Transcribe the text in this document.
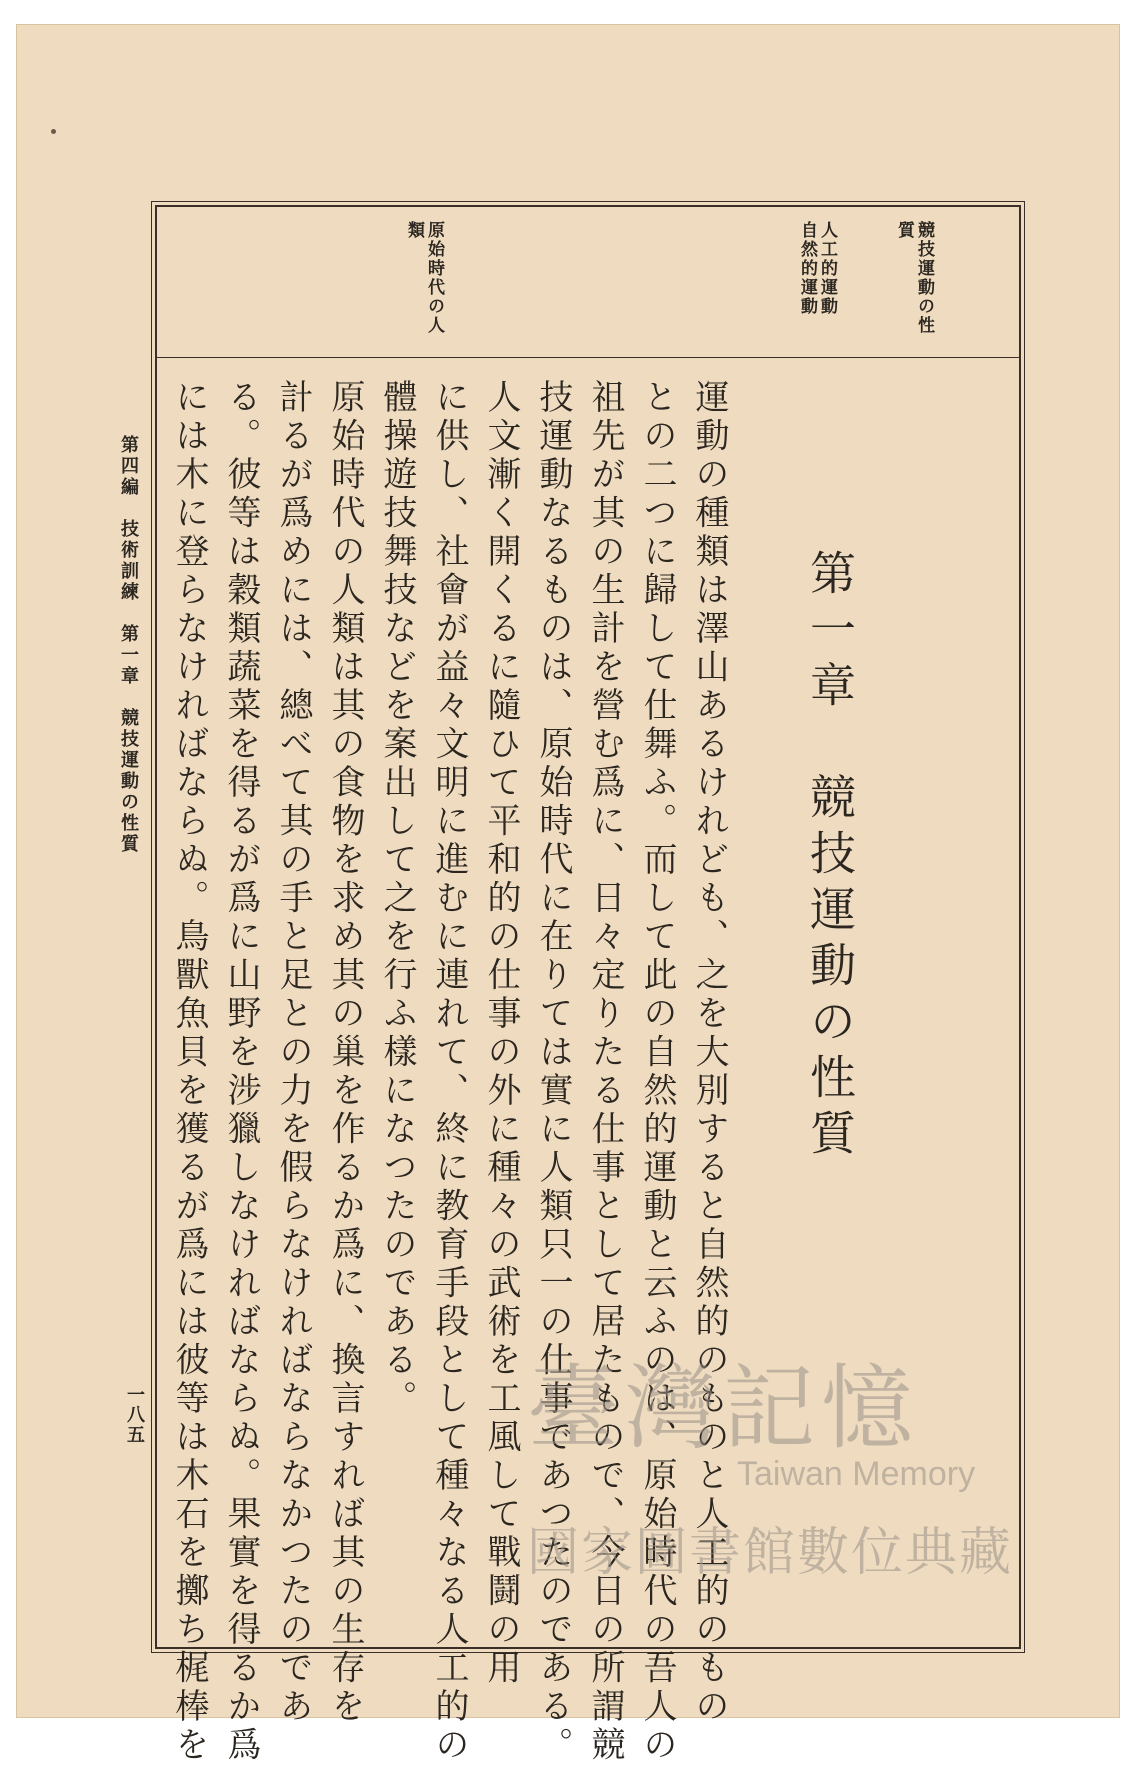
競技運動の性
質
人工的運動
自然的運動
原始時代の人
類
第一章　競技運動の性質
運動の種類は澤山あるけれども、之を大別すると自然的のものと人工的のもの
との二つに歸して仕舞ふ。而して此の自然的運動と云ふのは、原始時代の吾人の
祖先が其の生計を營む爲に、日々定りたる仕事として居たもので、今日の所謂競
技運動なるものは、原始時代に在りては實に人類只一の仕事であつたのである。
人文漸く開くるに隨ひて平和的の仕事の外に種々の武術を工風して戰鬪の用
に供し、社會が益々文明に進むに連れて、終に教育手段として種々なる人工的の
體操遊技舞技などを案出して之を行ふ樣になつたのである。
原始時代の人類は其の食物を求め其の巢を作るか爲に、換言すれば其の生存を
計るが爲めには、總べて其の手と足との力を假らなければならなかつたのであ
る。彼等は穀類蔬菜を得るが爲に山野を涉獵しなければならぬ。果實を得るか爲
には木に登らなければならぬ。鳥獸魚貝を獲るが爲には彼等は木石を擲ち梶棒を
第四編　技術訓練　第一章　競技運動の性質
一八五	臺灣記憶
Taiwan Memory
國家圖書館數位典藏
